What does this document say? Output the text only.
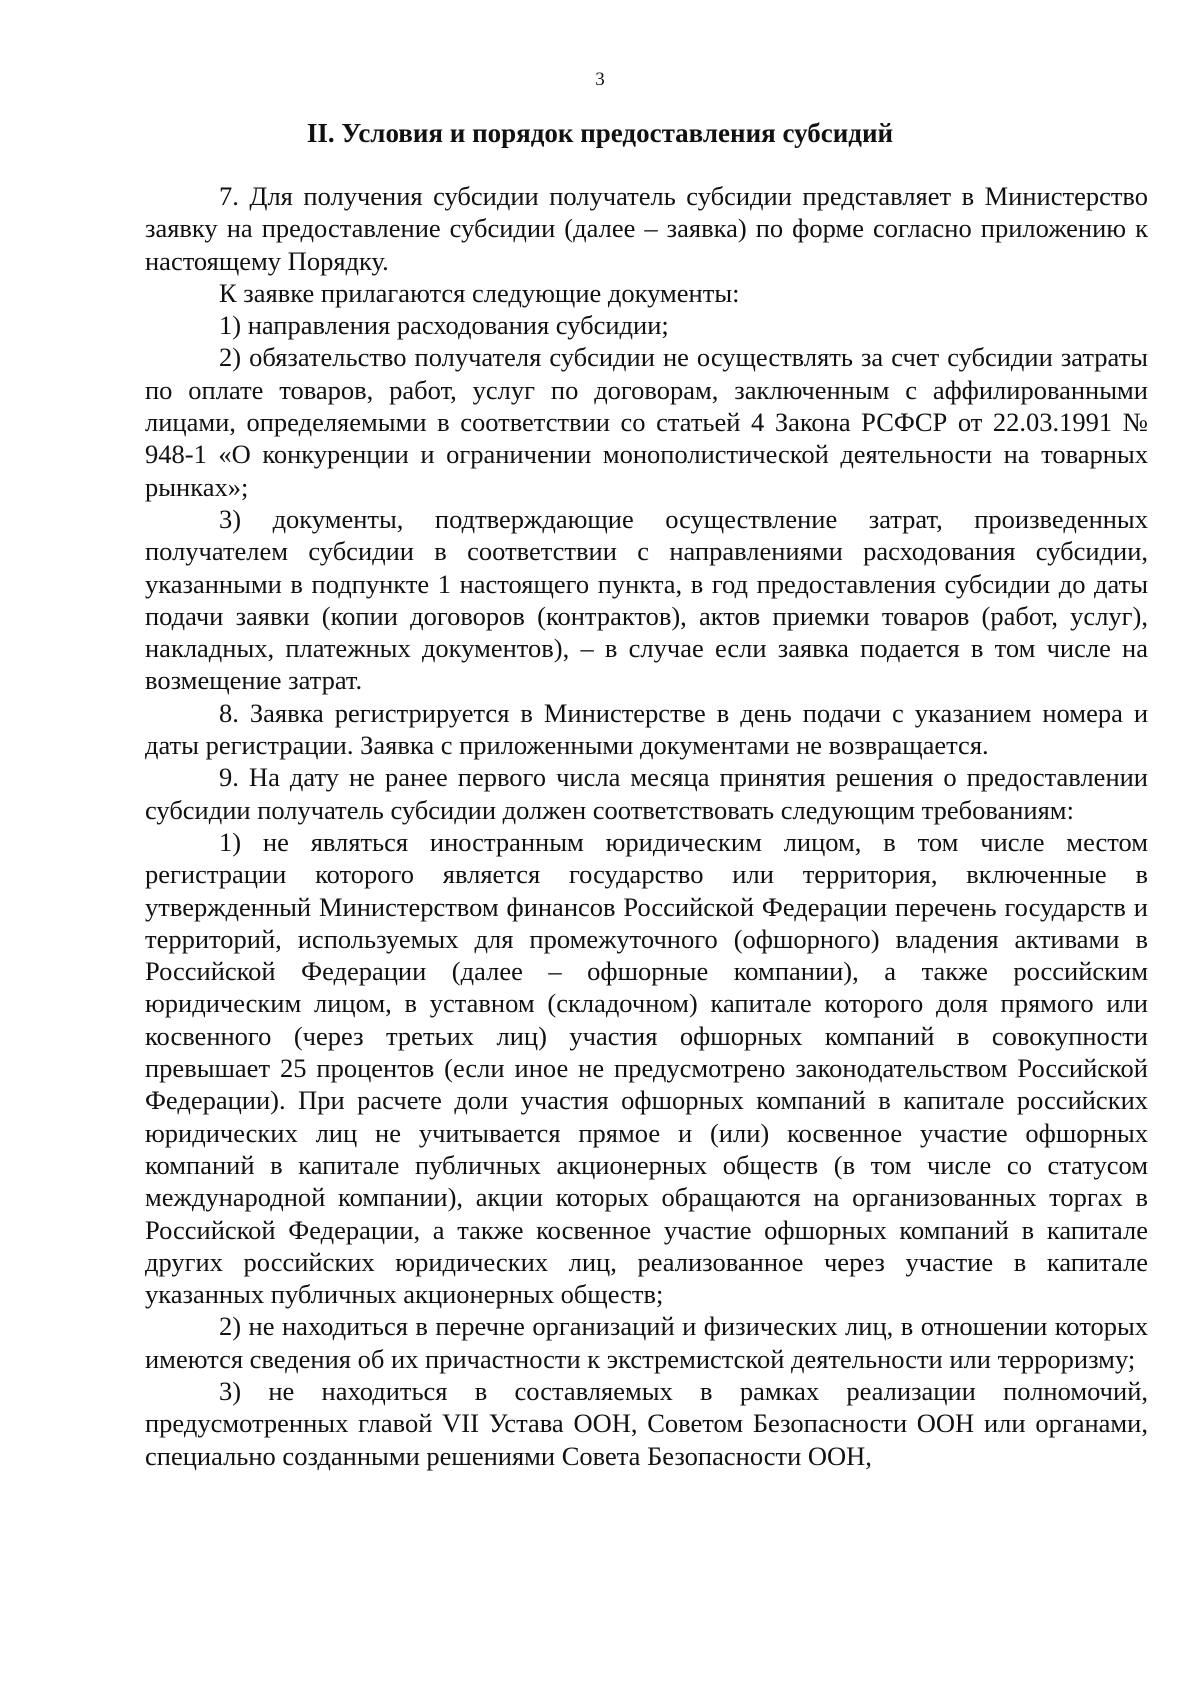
3
II. Условия и порядок предоставления субсидий

7. Для получения субсидии получатель субсидии представляет в Министерство заявку на предоставление субсидии (далее – заявка) по форме согласно приложению к настоящему Порядку.

К заявке прилагаются следующие документы:

1) направления расходования субсидии;

2) обязательство получателя субсидии не осуществлять за счет субсидии затраты по оплате товаров, работ, услуг по договорам, заключенным с аффилированными лицами, определяемыми в соответствии со статьей 4 Закона РСФСР от 22.03.1991 № 948-1 «О конкуренции и ограничении монополистической деятельности на товарных рынках»;

3) документы, подтверждающие осуществление затрат, произведенных получателем субсидии в соответствии с направлениями расходования субсидии, указанными в подпункте 1 настоящего пункта, в год предоставления субсидии до даты подачи заявки (копии договоров (контрактов), актов приемки товаров (работ, услуг), накладных, платежных документов), – в случае если заявка подается в том числе на возмещение затрат.

8. Заявка регистрируется в Министерстве в день подачи с указанием номера и даты регистрации. Заявка с приложенными документами не возвращается.

9. На дату не ранее первого числа месяца принятия решения о предоставлении субсидии получатель субсидии должен соответствовать следующим требованиям:

1) не являться иностранным юридическим лицом, в том числе местом регистрации которого является государство или территория, включенные в утвержденный Министерством финансов Российской Федерации перечень государств и территорий, используемых для промежуточного (офшорного) владения активами в Российской Федерации (далее – офшорные компании), а также российским юридическим лицом, в уставном (складочном) капитале которого доля прямого или косвенного (через третьих лиц) участия офшорных компаний в совокупности превышает 25 процентов (если иное не предусмотрено законодательством Российской Федерации). При расчете доли участия офшорных компаний в капитале российских юридических лиц не учитывается прямое и (или) косвенное участие офшорных компаний в капитале публичных акционерных обществ (в том числе со статусом международной компании), акции которых обращаются на организованных торгах в Российской Федерации, а также косвенное участие офшорных компаний в капитале других российских юридических лиц, реализованное через участие в капитале указанных публичных акционерных обществ;

2) не находиться в перечне организаций и физических лиц, в отношении которых имеются сведения об их причастности к экстремистской деятельности или терроризму;

3) не находиться в составляемых в рамках реализации полномочий, предусмотренных главой VII Устава ООН, Советом Безопасности ООН или органами, специально созданными решениями Совета Безопасности ООН,
